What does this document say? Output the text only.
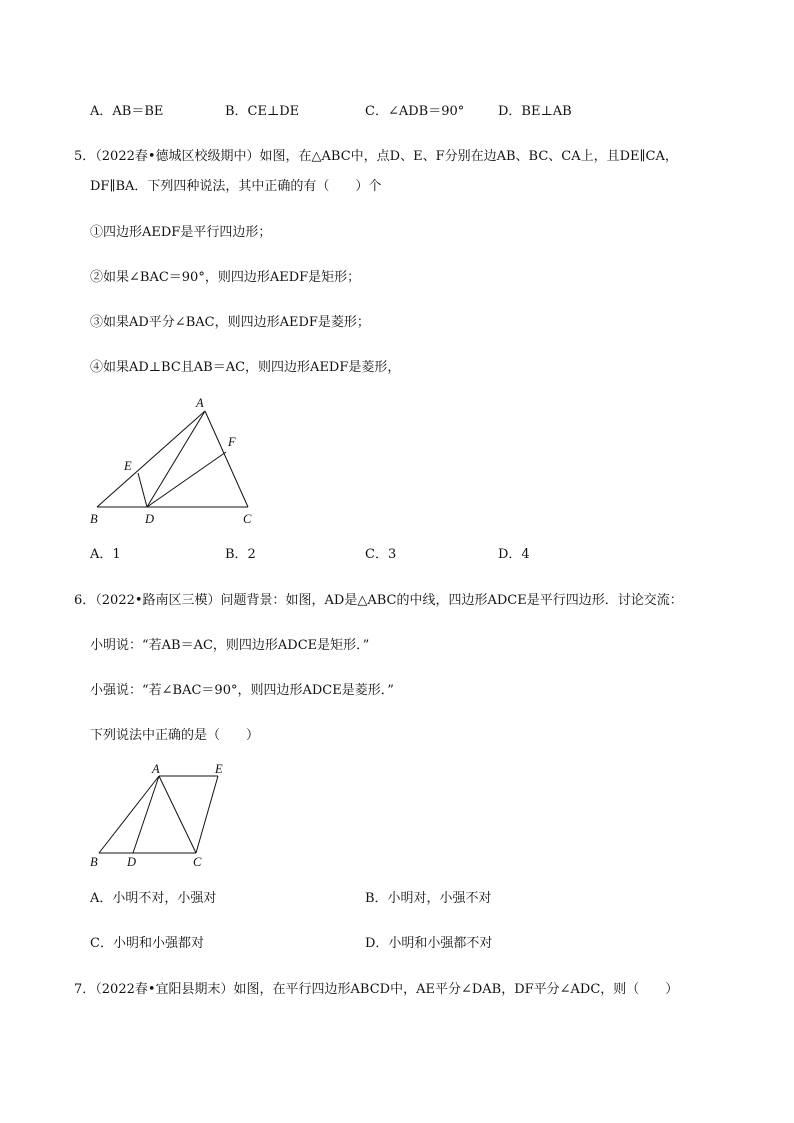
A．AB＝BE	B．CE⊥DE	C．∠ADB＝90°	D．BE⊥AB
5．（2022春•德城区校级期中）如图，在△ABC中，点D、E、F分别在边AB、BC、CA上，且DE∥CA，
DF∥BA．下列四种说法，其中正确的有（　　）个
①四边形AEDF是平行四边形；
②如果∠BAC＝90°，则四边形AEDF是矩形；
③如果AD平分∠BAC，则四边形AEDF是菱形；
④如果AD⊥BC且AB＝AC，则四边形AEDF是菱形，
A
F
E
B	D	C
A．1	B．2	C．3	D．4
6．（2022•路南区三模）问题背景：如图，AD是△ABC的中线，四边形ADCE是平行四边形．讨论交流：
小明说：“若AB＝AC，则四边形ADCE是矩形．”
小强说：“若∠BAC＝90°，则四边形ADCE是菱形．”
下列说法中正确的是（　　）
A	E
B D	C
A．小明不对，小强对	B．小明对，小强不对
C．小明和小强都对	D．小明和小强都不对
7．（2022春•宜阳县期末）如图，在平行四边形ABCD中，AE平分∠DAB，DF平分∠ADC，则（　　）
